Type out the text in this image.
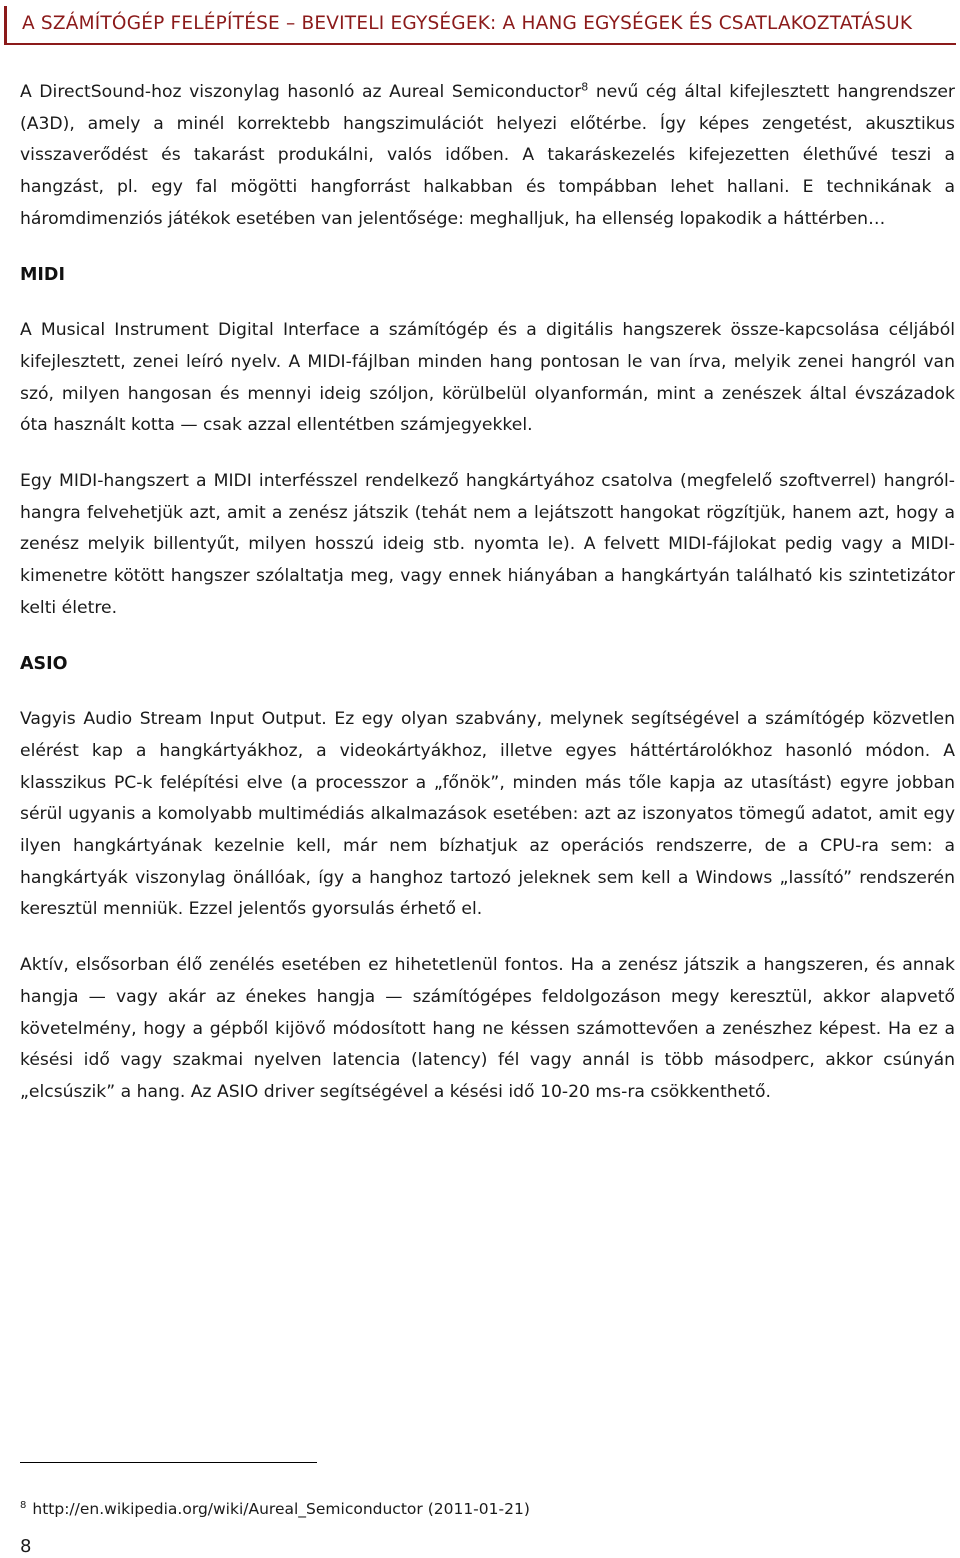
A SZÁMÍTÓGÉP FELÉPÍTÉSE – BEVITELI EGYSÉGEK: A HANG EGYSÉGEK ÉS CSATLAKOZTATÁSUK

A DirectSound-hoz viszonylag hasonló az Aureal Semiconductor$^8$ nevű cég által kifejlesztett hangrendszer (A3D), amely a minél korrektebb hangszimulációt helyezi előtérbe. Így képes zengetést, akusztikus visszaverődést és takarást produkálni, valós időben. A takaráskezelés kifejezetten élethűvé teszi a hangzást, pl. egy fal mögötti hangforrást halkabban és tompábban lehet hallani. E technikának a háromdimenziós játékok esetében van jelentősége: meghalljuk, ha ellenség lopakodik a háttérben…

MIDI

A Musical Instrument Digital Interface a számítógép és a digitális hangszerek össze-kapcsolása céljából kifejlesztett, zenei leíró nyelv. A MIDI-fájlban minden hang pontosan le van írva, melyik zenei hangról van szó, milyen hangosan és mennyi ideig szóljon, körülbelül olyanformán, mint a zenészek által évszázadok óta használt kotta — csak azzal ellentétben számjegyekkel.

Egy MIDI-hangszert a MIDI interfésszel rendelkező hangkártyához csatolva (megfelelő szoftverrel) hangról-hangra felvehetjük azt, amit a zenész játszik (tehát nem a lejátszott hangokat rögzítjük, hanem azt, hogy a zenész melyik billentyűt, milyen hosszú ideig stb. nyomta le). A felvett MIDI-fájlokat pedig vagy a MIDI-kimenetre kötött hangszer szólaltatja meg, vagy ennek hiányában a hangkártyán található kis szintetizátor kelti életre.

ASIO

Vagyis Audio Stream Input Output. Ez egy olyan szabvány, melynek segítségével a számítógép közvetlen elérést kap a hangkártyákhoz, a videokártyákhoz, illetve egyes háttértárolókhoz hasonló módon. A klasszikus PC-k felépítési elve (a processzor a „főnök”, minden más tőle kapja az utasítást) egyre jobban sérül ugyanis a komolyabb multimédiás alkalmazások esetében: azt az iszonyatos tömegű adatot, amit egy ilyen hangkártyának kezelnie kell, már nem bízhatjuk az operációs rendszerre, de a CPU-ra sem: a hangkártyák viszonylag önállóak, így a hanghoz tartozó jeleknek sem kell a Windows „lassító” rendszerén keresztül menniük. Ezzel jelentős gyorsulás érhető el.

Aktív, elsősorban élő zenélés esetében ez hihetetlenül fontos. Ha a zenész játszik a hangszeren, és annak hangja — vagy akár az énekes hangja — számítógépes feldolgozáson megy keresztül, akkor alapvető követelmény, hogy a gépből kijövő módosított hang ne késsen számottevően a zenészhez képest. Ha ez a késési idő vagy szakmai nyelven latencia (latency) fél vagy annál is több másodperc, akkor csúnyán „elcsúszik” a hang. Az ASIO driver segítségével a késési idő 10-20 ms-ra csökkenthető.

$^8$ http://en.wikipedia.org/wiki/Aureal_Semiconductor (2011-01-21)
8
